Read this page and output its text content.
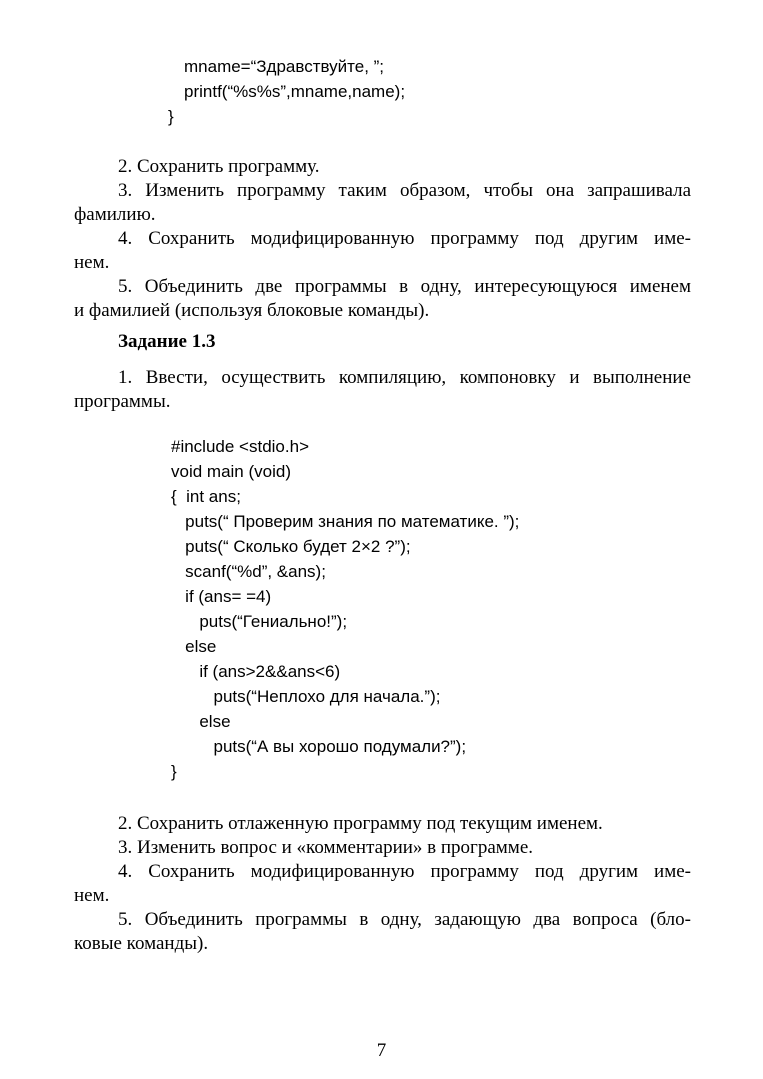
mname=“Здравствуйте, ”;
printf(“%s%s”,mname,name);
}
2. Сохранить программу.
3. Изменить программу таким образом, чтобы она запрашивала
фамилию.
4. Сохранить модифицированную программу под другим име-
нем.
5. Объединить две программы в одну, интересующуюся именем
и фамилией (используя блоковые команды).
Задание 1.3
1. Ввести, осуществить компиляцию, компоновку и выполнение
программы.
#include <stdio.h>
void main (void)
{  int ans;
puts(“ Проверим знания по математике. ”);
puts(“ Сколько будет 2×2 ?”);
scanf(“%d”, &ans);
if (ans= =4)
puts(“Гениально!”);
else
if (ans>2&&ans<6)
puts(“Неплохо для начала.”);
else
puts(“А вы хорошо подумали?”);
}
2. Сохранить отлаженную программу под текущим именем.
3. Изменить вопрос и «комментарии» в программе.
4. Сохранить модифицированную программу под другим име-
нем.
5. Объединить программы в одну, задающую два вопроса (бло-
ковые команды).
7
